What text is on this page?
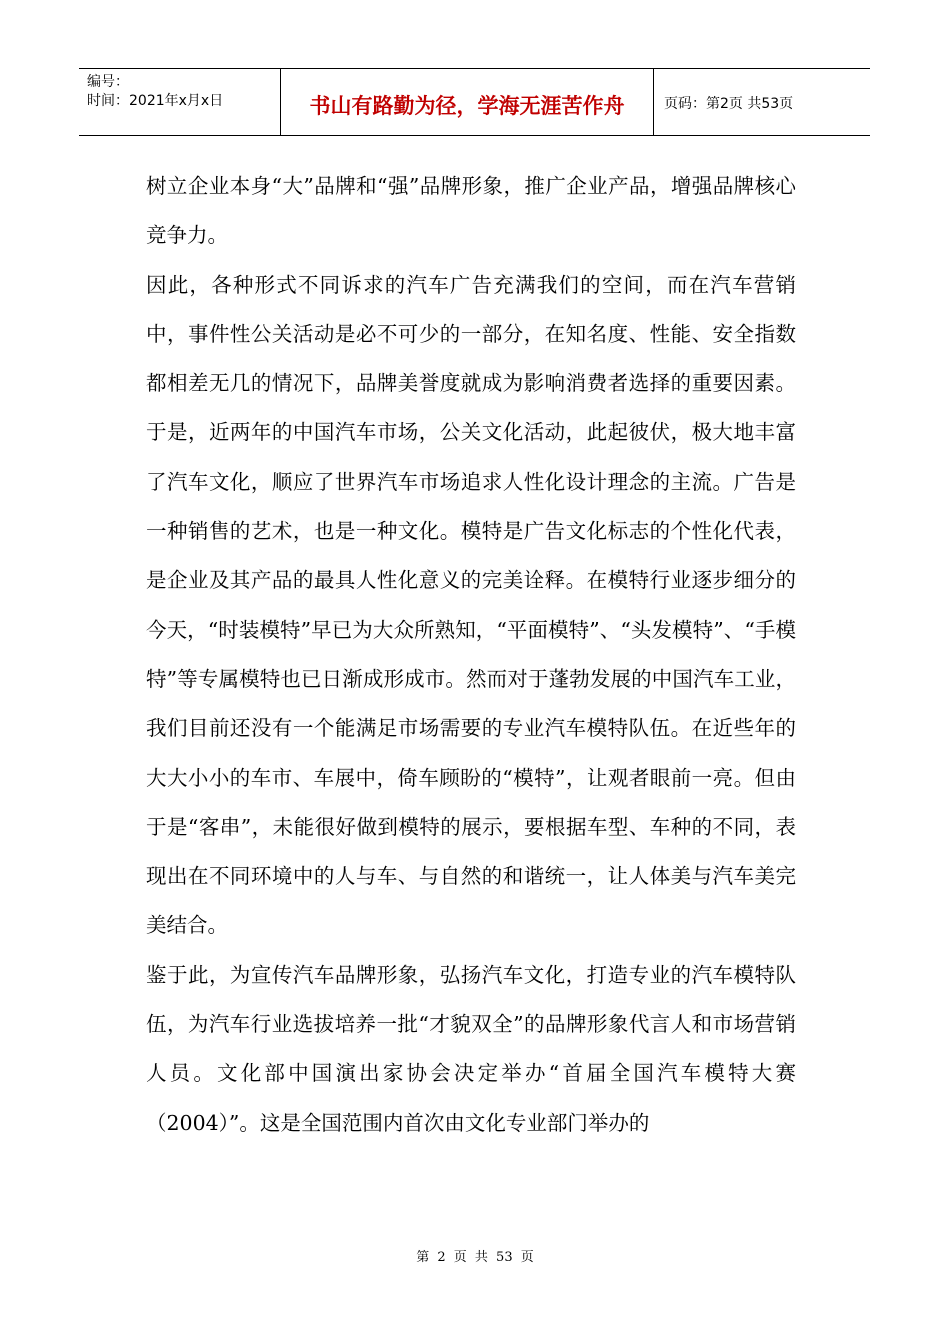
编号：
时间：2021年x月x日	书山有路勤为径，学海无涯苦作舟	页码：第2页 共53页

树立企业本身“大”品牌和“强”品牌形象，推广企业产品，增强品牌核心竞争力。

因此，各种形式不同诉求的汽车广告充满我们的空间，而在汽车营销中，事件性公关活动是必不可少的一部分，在知名度、性能、安全指数都相差无几的情况下，品牌美誉度就成为影响消费者选择的重要因素。于是，近两年的中国汽车市场，公关文化活动，此起彼伏，极大地丰富了汽车文化，顺应了世界汽车市场追求人性化设计理念的主流。广告是一种销售的艺术，也是一种文化。模特是广告文化标志的个性化代表，是企业及其产品的最具人性化意义的完美诠释。在模特行业逐步细分的今天，“时装模特”早已为大众所熟知，“平面模特”、“头发模特”、“手模特”等专属模特也已日渐成形成市。然而对于蓬勃发展的中国汽车工业，我们目前还没有一个能满足市场需要的专业汽车模特队伍。在近些年的大大小小的车市、车展中，倚车顾盼的“模特”，让观者眼前一亮。但由于是“客串”，未能很好做到模特的展示，要根据车型、车种的不同，表现出在不同环境中的人与车、与自然的和谐统一，让人体美与汽车美完美结合。

鉴于此，为宣传汽车品牌形象，弘扬汽车文化，打造专业的汽车模特队伍，为汽车行业选拔培养一批“才貌双全”的品牌形象代言人和市场营销人员。文化部中国演出家协会决定举办“首届全国汽车模特大赛（2004）”。这是全国范围内首次由文化专业部门举办的

第 2 页 共 53 页
